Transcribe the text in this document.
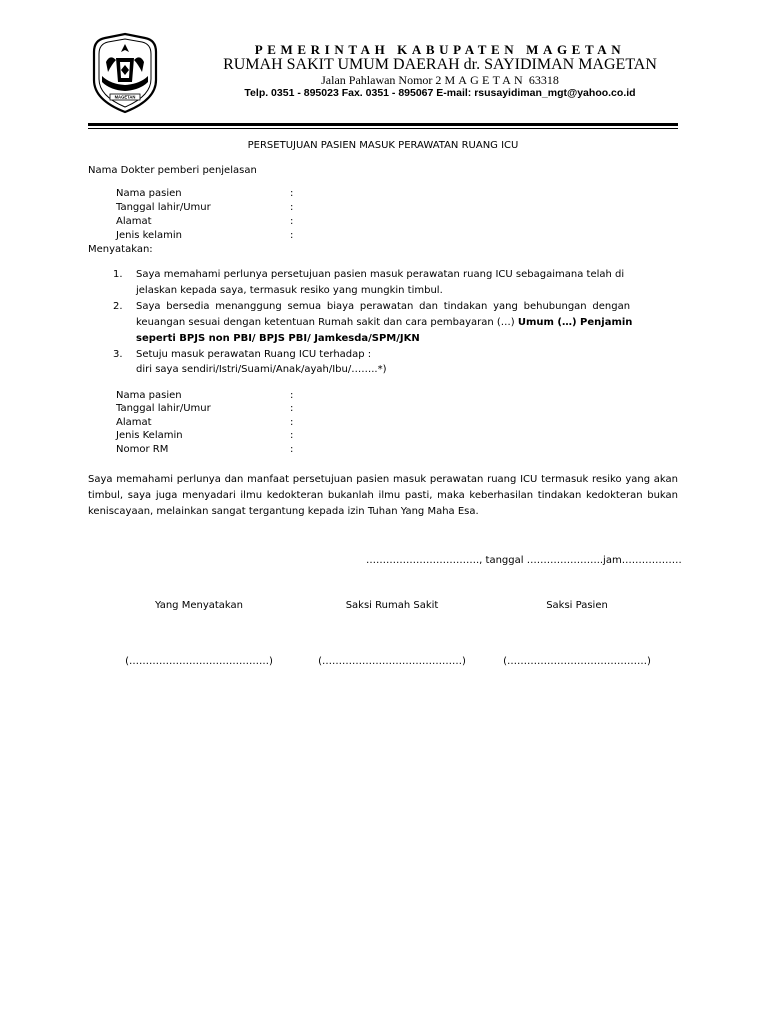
MAGETAN
PEMERINTAH KABUPATEN MAGETAN
RUMAH SAKIT UMUM DAERAH dr. SAYIDIMAN MAGETAN
Jalan Pahlawan Nomor 2 MAGETAN 63318
Telp. 0351 - 895023 Fax. 0351 - 895067 E-mail: rsusayidiman_mgt@yahoo.co.id
PERSETUJUAN PASIEN MASUK PERAWATAN RUANG ICU
Nama Dokter pemberi penjelasan
Nama pasien	:
Tanggal lahir/Umur	:
Alamat	:
Jenis kelamin	:
Menyatakan:
1. Saya memahami perlunya persetujuan pasien masuk perawatan ruang ICU sebagaimana telah di
jelaskan kepada saya, termasuk resiko yang mungkin timbul.
2. Saya bersedia menanggung semua biaya perawatan dan tindakan yang behubungan dengan
keuangan sesuai dengan ketentuan Rumah sakit dan cara pembayaran (…) Umum (…) Penjamin
seperti BPJS non PBI/ BPJS PBI/ Jamkesda/SPM/JKN
3. Setuju masuk perawatan Ruang ICU terhadap :
diri saya sendiri/Istri/Suami/Anak/ayah/Ibu/……..*)
Nama pasien	:
Tanggal lahir/Umur	:
Alamat	:
Jenis Kelamin	:
Nomor RM	:
Saya memahami perlunya dan manfaat persetujuan pasien masuk perawatan ruang ICU termasuk resiko yang akan timbul, saya juga menyadari ilmu kedokteran bukanlah ilmu pasti, maka keberhasilan tindakan kedokteran bukan keniscayaan, melainkan sangat tergantung kepada izin Tuhan Yang Maha Esa.
……………………………., tanggal …………………..jam………………
Yang Menyatakan	Saksi Rumah Sakit	Saksi Pasien
(……………………………………)	(……………………………………)	(……………………………………)
